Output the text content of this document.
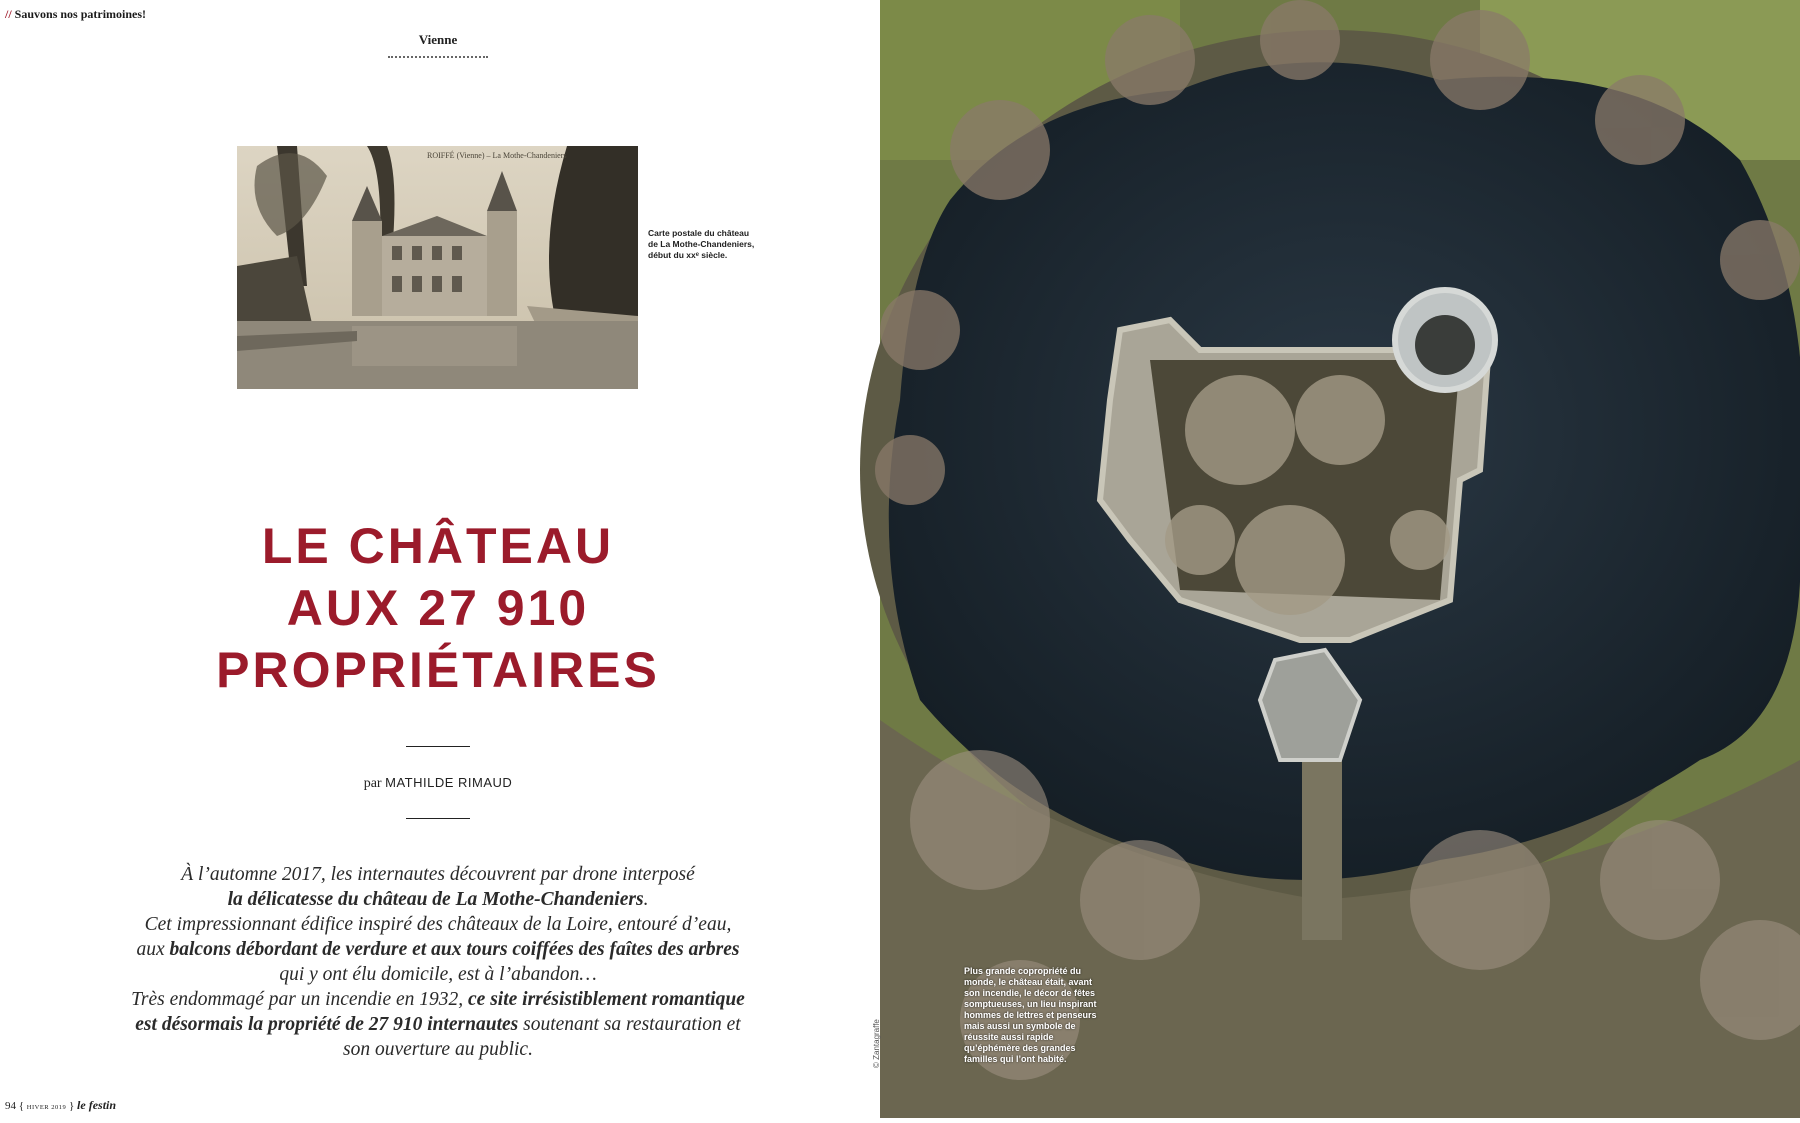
// Sauvons nos patrimoines!
Vienne
ROIFFÉ (Vienne) – La Mothe-Chandeniers
Carte postale du château
de La Mothe-Chandeniers,
début du xxᵉ siècle.
LE CHÂTEAU
AUX 27 910
PROPRIÉTAIRES
par MATHILDE RIMAUD
À l’automne 2017, les internautes découvrent par drone interposé
la délicatesse du château de La Mothe-Chandeniers.
Cet impressionnant édifice inspiré des châteaux de la Loire, entouré d’eau, aux balcons débordant de verdure et aux tours coiffées des faîtes des arbres qui y ont élu domicile, est à l’abandon…
Très endommagé par un incendie en 1932, ce site irrésistiblement romantique est désormais la propriété de 27 910 internautes soutenant sa restauration et son ouverture au public.
94 { HIVER 2019 } le festin
Plus grande copropriété du monde, le château était, avant son incendie, le décor de fêtes somptueuses, un lieu inspirant hommes de lettres et penseurs mais aussi un symbole de réussite aussi rapide qu’éphémère des grandes familles qui l’ont habité.
© Zantagraffe
